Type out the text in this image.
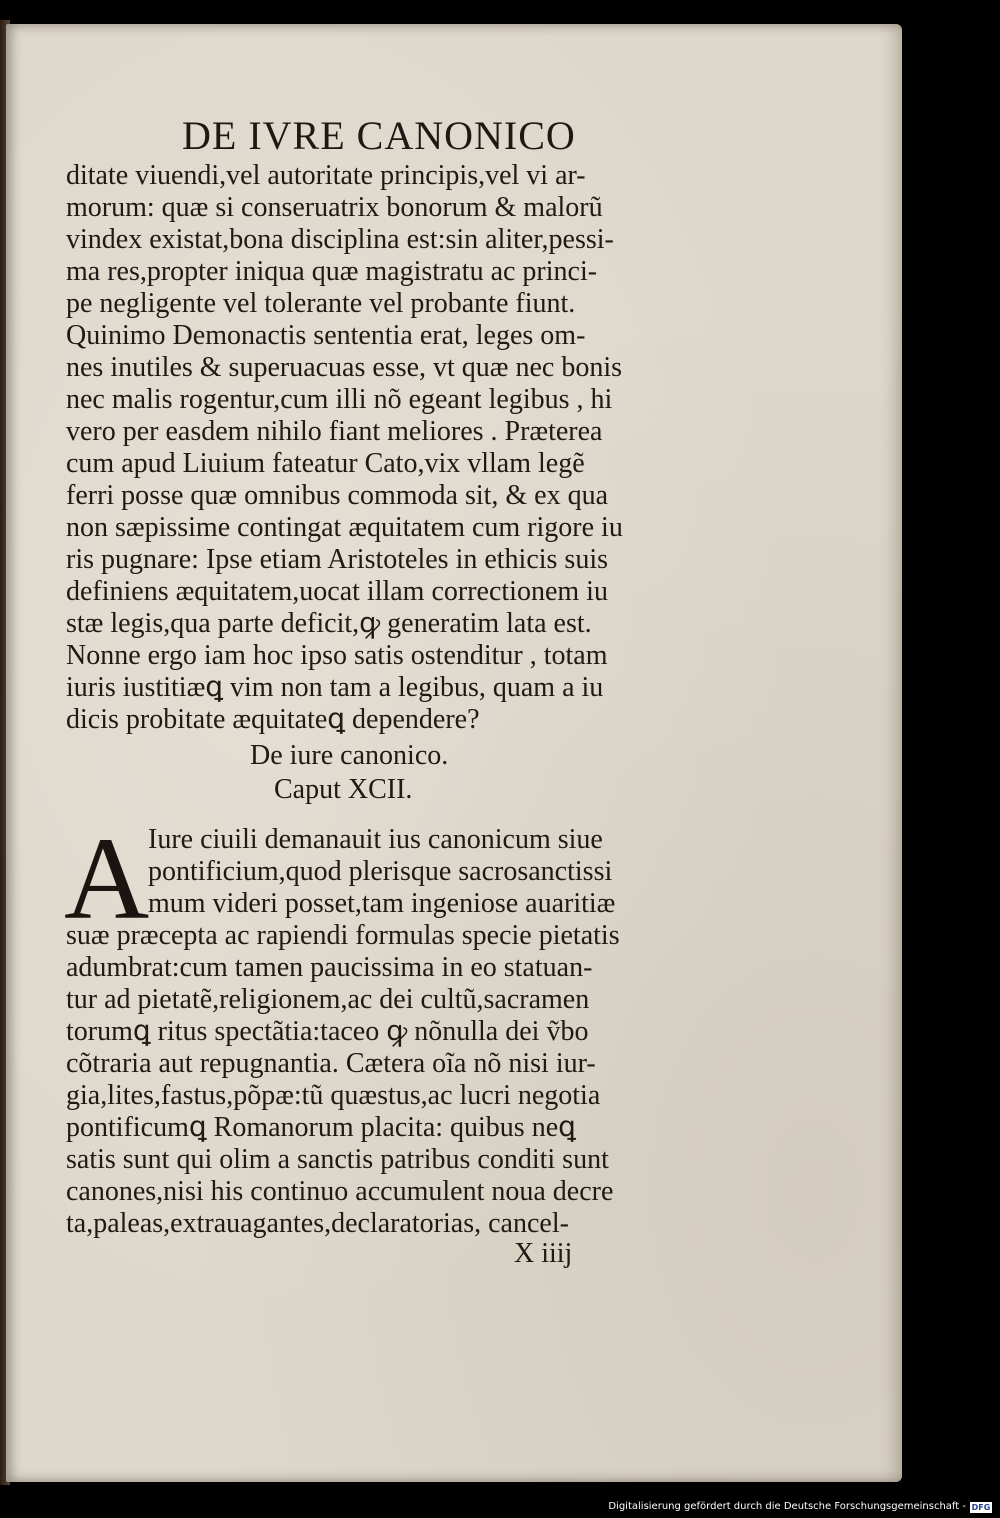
DE IVRE CANONICO
ditate viuendi,vel autoritate principis,vel vi ar-
morum: quæ si conseruatrix bonorum & malorũ
vindex existat,bona disciplina est:sin aliter,pessi-
ma res,propter iniqua quæ magistratu ac princi-
pe negligente vel tolerante vel probante fiunt.
Quinimo Demonactis sententia erat, leges om-
nes inutiles & superuacuas esse, vt quæ nec bonis
nec malis rogentur,cum illi nõ egeant legibus , hi
vero per easdem nihilo fiant meliores . Præterea
cum apud Liuium fateatur Cato,vix vllam legẽ
ferri posse quæ omnibus commoda sit, & ex qua
non sæpissime contingat æquitatem cum rigore iu
ris pugnare: Ipse etiam Aristoteles in ethicis suis
definiens æquitatem,uocat illam correctionem iu
stæ legis,qua parte deficit,ꝙ generatim lata est.
Nonne ergo iam hoc ipso satis ostenditur , totam
iuris iustitiæꝗ vim non tam a legibus, quam a iu
dicis probitate æquitateꝗ dependere?
De iure canonico.
Caput XCII.
A
Iure ciuili demanauit ius canonicum siue
pontificium,quod plerisque sacrosanctissi
mum videri posset,tam ingeniose auaritiæ
suæ præcepta ac rapiendi formulas specie pietatis
adumbrat:cum tamen paucissima in eo statuan-
tur ad pietatẽ,religionem,ac dei cultũ,sacramen
torumꝗ ritus spectãtia:taceo ꝙ nõnulla dei ṽbo
cõtraria aut repugnantia. Cætera oĩa nõ nisi iur-
gia,lites,fastus,põpæ:tũ quæstus,ac lucri negotia
pontificumꝗ Romanorum placita: quibus neꝗ
satis sunt qui olim a sanctis patribus conditi sunt
canones,nisi his continuo accumulent noua decre
ta,paleas,extrauagantes,declaratorias, cancel-
X iiij
Digitalisierung gefördert durch die Deutsche Forschungsgemeinschaft - DFG
